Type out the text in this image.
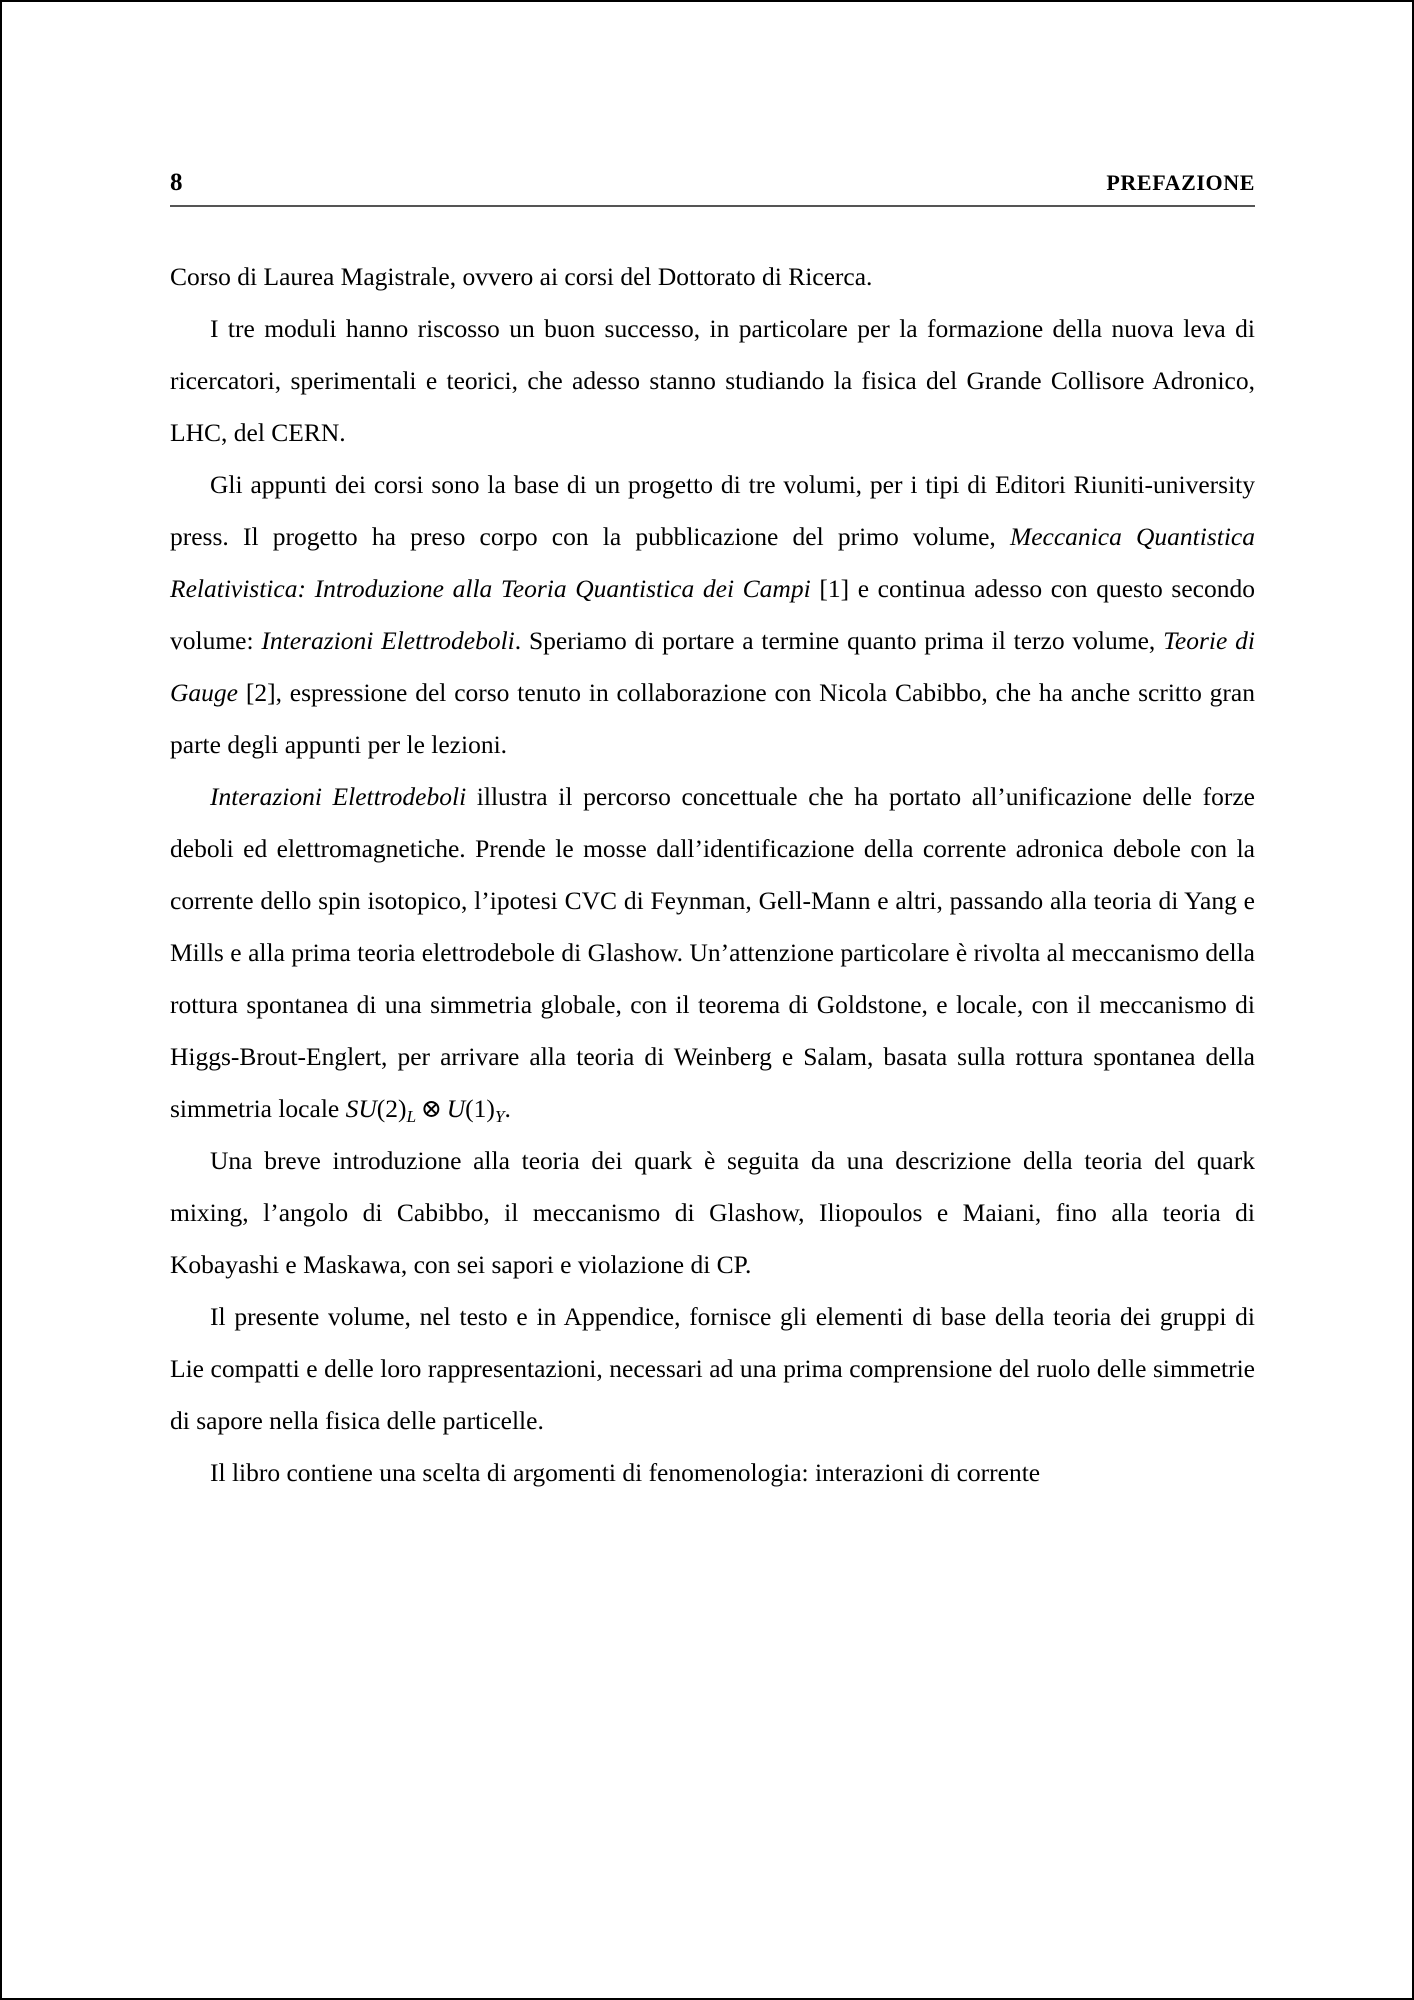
8	PREFAZIONE

Corso di Laurea Magistrale, ovvero ai corsi del Dottorato di Ricerca.

I tre moduli hanno riscosso un buon successo, in particolare per la formazione della nuova leva di ricercatori, sperimentali e teorici, che adesso stanno studiando la fisica del Grande Collisore Adronico, LHC, del CERN.

Gli appunti dei corsi sono la base di un progetto di tre volumi, per i tipi di Editori Riuniti-university press. Il progetto ha preso corpo con la pubblicazione del primo volume, Meccanica Quantistica Relativistica: Introduzione alla Teoria Quantistica dei Campi [1] e continua adesso con questo secondo volume: Interazioni Elettrodeboli. Speriamo di portare a termine quanto prima il terzo volume, Teorie di Gauge [2], espressione del corso tenuto in collaborazione con Nicola Cabibbo, che ha anche scritto gran parte degli appunti per le lezioni.

Interazioni Elettrodeboli illustra il percorso concettuale che ha portato all’unificazione delle forze deboli ed elettromagnetiche. Prende le mosse dall’identificazione della corrente adronica debole con la corrente dello spin isotopico, l’ipotesi CVC di Feynman, Gell-Mann e altri, passando alla teoria di Yang e Mills e alla prima teoria elettrodebole di Glashow. Un’attenzione particolare è rivolta al meccanismo della rottura spontanea di una simmetria globale, con il teorema di Goldstone, e locale, con il meccanismo di Higgs-Brout-Englert, per arrivare alla teoria di Weinberg e Salam, basata sulla rottura spontanea della simmetria locale $SU(2)_L$ ⊗ $U(1)_Y$.

Una breve introduzione alla teoria dei quark è seguita da una descrizione della teoria del quark mixing, l’angolo di Cabibbo, il meccanismo di Glashow, Iliopoulos e Maiani, fino alla teoria di Kobayashi e Maskawa, con sei sapori e violazione di CP.

Il presente volume, nel testo e in Appendice, fornisce gli elementi di base della teoria dei gruppi di Lie compatti e delle loro rappresentazioni, necessari ad una prima comprensione del ruolo delle simmetrie di sapore nella fisica delle particelle.

Il libro contiene una scelta di argomenti di fenomenologia: interazioni di corrente
